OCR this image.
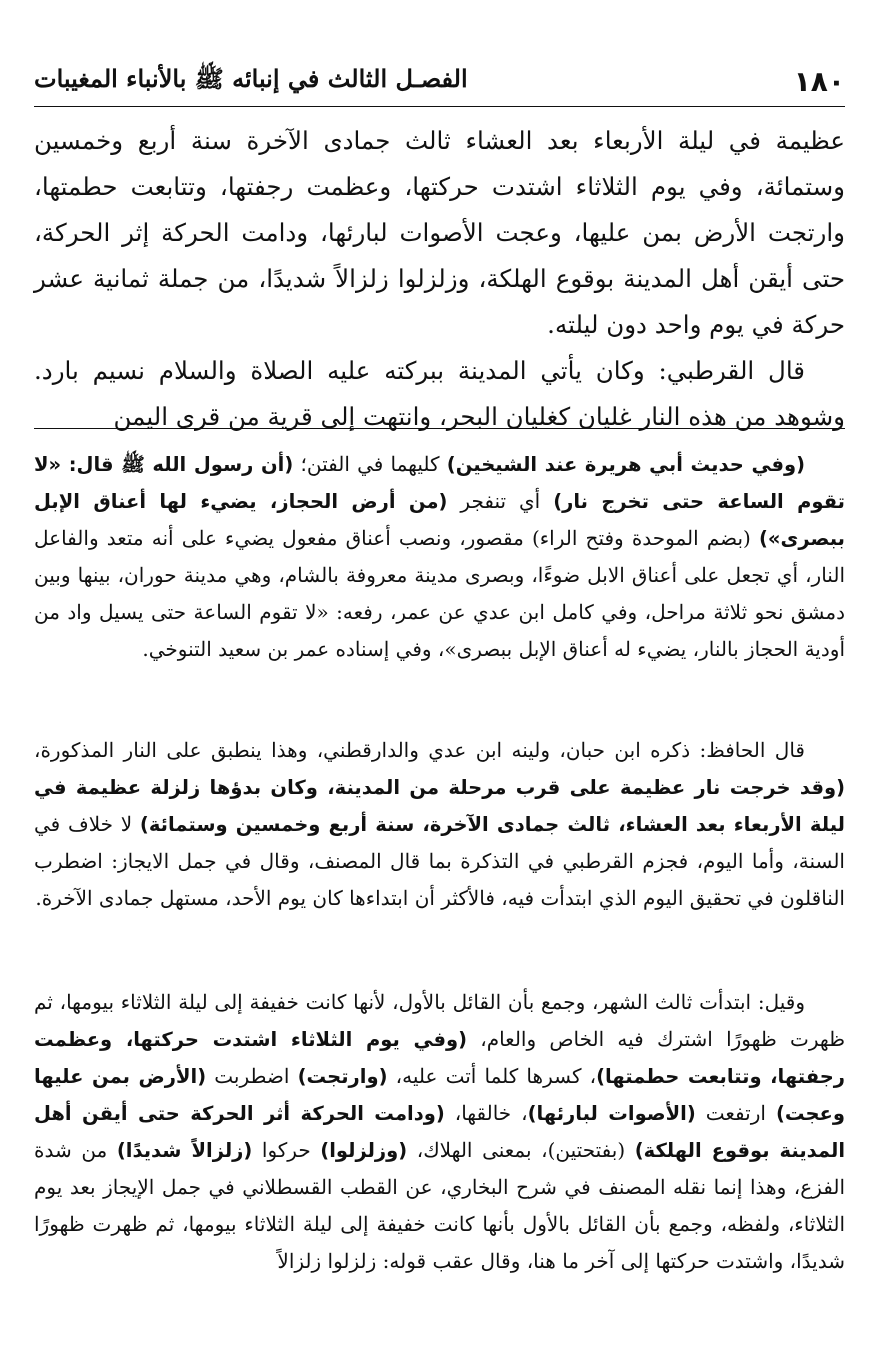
١٨٠
الفصـل الثالث في إنبائه ﷺ بالأنباء المغيبات

عظيمة في ليلة الأربعاء بعد العشاء ثالث جمادى الآخرة سنة أربع وخمسين وستمائة، وفي يوم الثلاثاء اشتدت حركتها، وعظمت رجفتها، وتتابعت حطمتها، وارتجت الأرض بمن عليها، وعجت الأصوات لبارئها، ودامت الحركة إثر الحركة، حتى أيقن أهل المدينة بوقوع الهلكة، وزلزلوا زلزالاً شديدًا، من جملة ثمانية عشر حركة في يوم واحد دون ليلته.

قال القرطبي: وكان يأتي المدينة ببركته عليه الصلاة والسلام نسيم بارد. وشوهد من هذه النار غليان كغليان البحر، وانتهت إلى قرية من قرى اليمن

(وفي حديث أبي هريرة عند الشيخين) كليهما في الفتن؛ (أن رسول الله ﷺ قال: «لا تقوم الساعة حتى تخرج نار) أي تنفجر (من أرض الحجاز، يضيء لها أعناق الإبل ببصرى») (بضم الموحدة وفتح الراء) مقصور، ونصب أعناق مفعول يضيء على أنه متعد والفاعل النار، أي تجعل على أعناق الابل ضوءًا، وبصرى مدينة معروفة بالشام، وهي مدينة حوران، بينها وبين دمشق نحو ثلاثة مراحل، وفي كامل ابن عدي عن عمر، رفعه: «لا تقوم الساعة حتى يسيل واد من أودية الحجاز بالنار، يضيء له أعناق الإبل ببصرى»، وفي إسناده عمر بن سعيد التنوخي.

قال الحافظ: ذكره ابن حبان، ولينه ابن عدي والدارقطني، وهذا ينطبق على النار المذكورة، (وقد خرجت نار عظيمة على قرب مرحلة من المدينة، وكان بدؤها زلزلة عظيمة في ليلة الأربعاء بعد العشاء، ثالث جمادى الآخرة، سنة أربع وخمسين وستمائة) لا خلاف في السنة، وأما اليوم، فجزم القرطبي في التذكرة بما قال المصنف، وقال في جمل الايجاز: اضطرب الناقلون في تحقيق اليوم الذي ابتدأت فيه، فالأكثر أن ابتداءها كان يوم الأحد، مستهل جمادى الآخرة.

وقيل: ابتدأت ثالث الشهر، وجمع بأن القائل بالأول، لأنها كانت خفيفة إلى ليلة الثلاثاء بيومها، ثم ظهرت ظهورًا اشترك فيه الخاص والعام، (وفي يوم الثلاثاء اشتدت حركتها، وعظمت رجفتها، وتتابعت حطمتها)، كسرها كلما أتت عليه، (وارتجت) اضطربت (الأرض بمن عليها وعجت) ارتفعت (الأصوات لبارئها)، خالقها، (ودامت الحركة أثر الحركة حتى أيقن أهل المدينة بوقوع الهلكة) (بفتحتين)، بمعنى الهلاك، (وزلزلوا) حركوا (زلزالاً شديدًا) من شدة الفزع، وهذا إنما نقله المصنف في شرح البخاري، عن القطب القسطلاني في جمل الإيجاز بعد يوم الثلاثاء، ولفظه، وجمع بأن القائل بالأول بأنها كانت خفيفة إلى ليلة الثلاثاء بيومها، ثم ظهرت ظهورًا شديدًا، واشتدت حركتها إلى آخر ما هنا، وقال عقب قوله: زلزلوا زلزالاً
